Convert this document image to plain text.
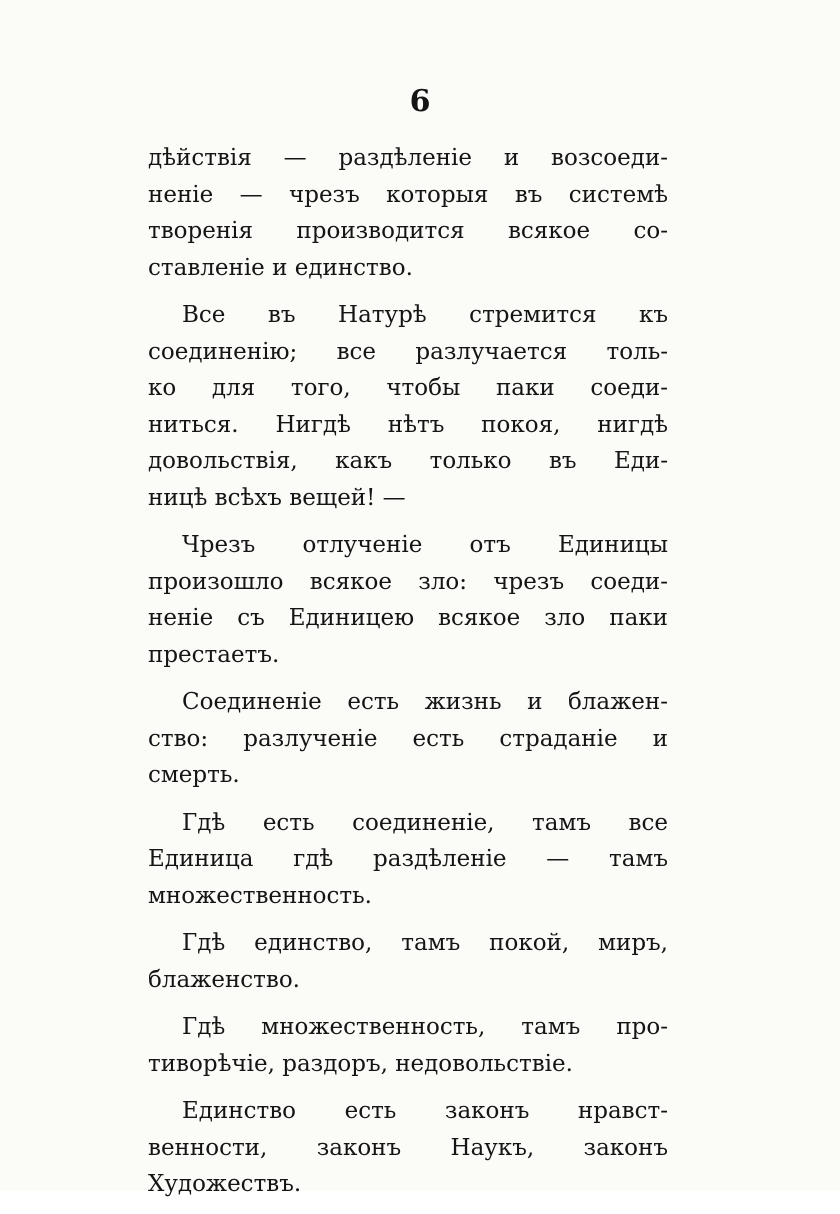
6
дѣйствія — раздѣленіе и возсоеди-
неніе — чрезъ которыя въ системѣ
творенія производится всякое со-
ставленіе и единство.
Все въ Натурѣ стремится къ
соединенію; все разлучается толь-
ко для того, чтобы паки соеди-
ниться. Нигдѣ нѣтъ покоя, нигдѣ
довольствія, какъ только въ Еди-
ницѣ всѣхъ вещей! —
Чрезъ отлученіе отъ Единицы
произошло всякое зло: чрезъ соеди-
неніе съ Единицею всякое зло паки
престаетъ.
Соединеніе есть жизнь и блажен-
ство: разлученіе есть страданіе и
смерть.
Гдѣ есть соединеніе, тамъ все
Единица гдѣ раздѣленіе — тамъ
множественность.
Гдѣ единство, тамъ покой, миръ,
блаженство.
Гдѣ множественность, тамъ про-
тиворѣчіе, раздоръ, недовольствіе.
Единство есть законъ нравст-
венности, законъ Наукъ, законъ
Художествъ.
